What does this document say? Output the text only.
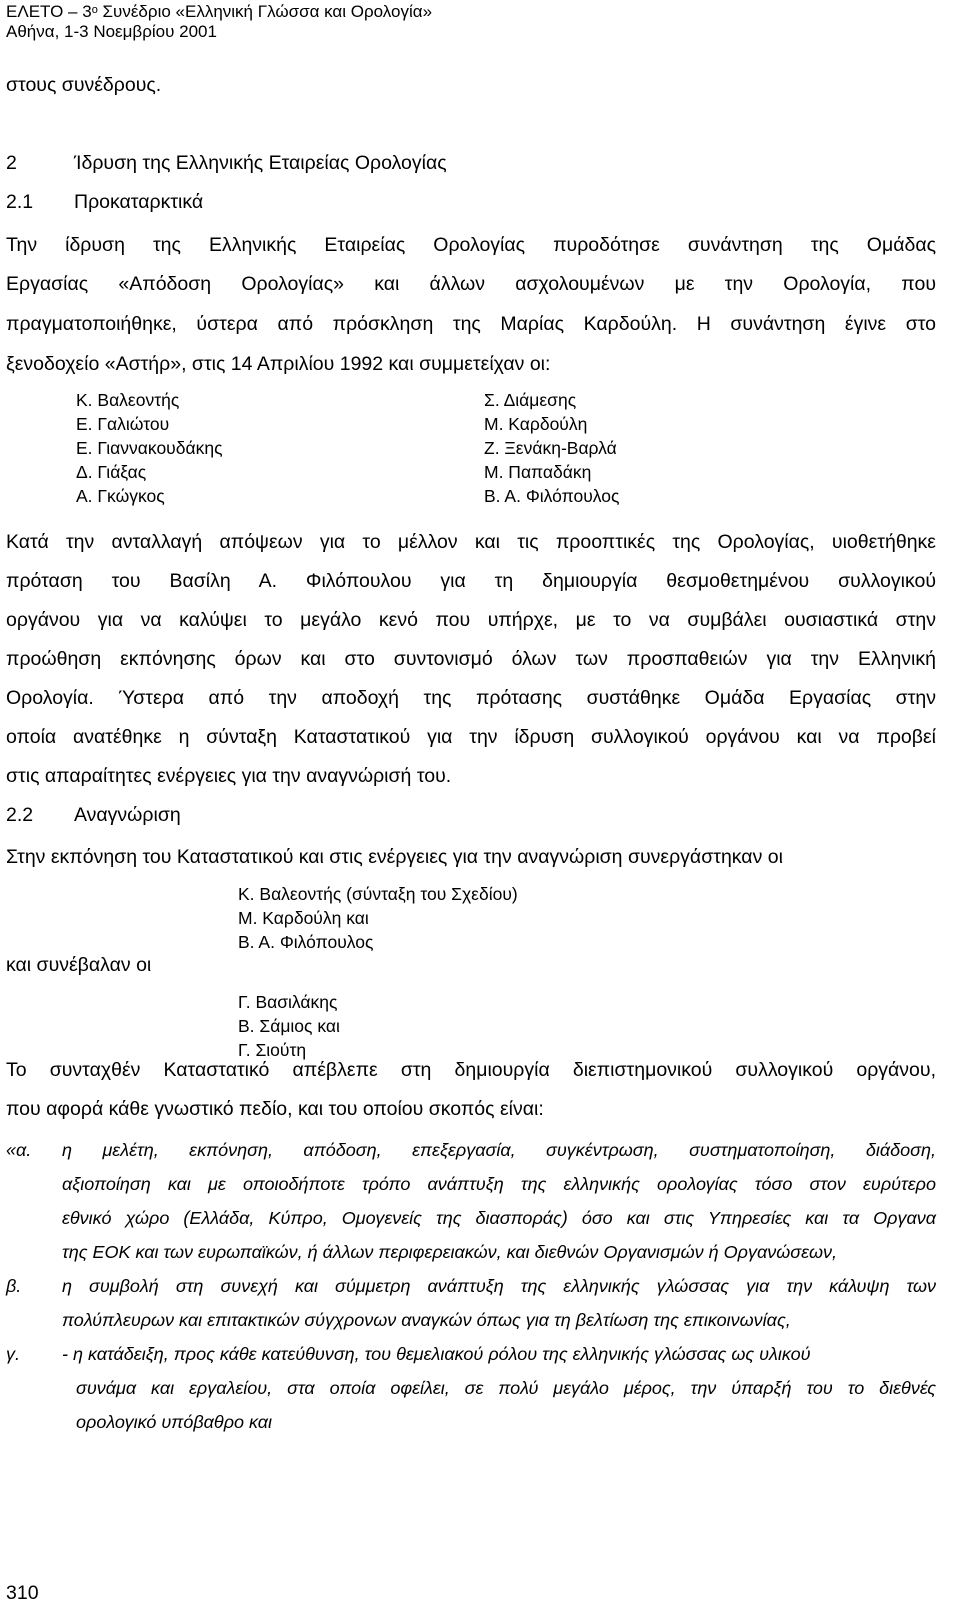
ΕΛΕΤΟ – $3^o$ Συνέδριο «Ελληνική Γλώσσα και Ορολογία»
Αθήνα, 1-3 Νοεμβρίου 2001
στους συνέδρους.
2	Ίδρυση της Ελληνικής Εταιρείας Ορολογίας
2.1 Προκαταρκτικά
Την ίδρυση της Ελληνικής Εταιρείας Ορολογίας πυροδότησε συνάντηση της Ομάδας
Εργασίας «Απόδοση Ορολογίας» και άλλων ασχολουμένων με την Ορολογία, που
πραγματοποιήθηκε, ύστερα από πρόσκληση της Μαρίας Καρδούλη. Η συνάντηση έγινε στο
ξενοδοχείο «Αστήρ», στις 14 Απριλίου 1992 και συμμετείχαν οι:
Κ. Βαλεοντής
Ε. Γαλιώτου
Ε. Γιαννακουδάκης
Δ. Γιάξας
Α. Γκώγκος
Σ. Διάμεσης
Μ. Καρδούλη
Ζ. Ξενάκη-Βαρλά
Μ. Παπαδάκη
Β. Α. Φιλόπουλος
Κατά την ανταλλαγή απόψεων για το μέλλον και τις προοπτικές της Ορολογίας, υιοθετήθηκε
πρόταση του Βασίλη Α. Φιλόπουλου για τη δημιουργία θεσμοθετημένου συλλογικού
οργάνου για να καλύψει το μεγάλο κενό που υπήρχε, με το να συμβάλει ουσιαστικά στην
προώθηση εκπόνησης όρων και στο συντονισμό όλων των προσπαθειών για την Ελληνική
Ορολογία. Ύστερα από την αποδοχή της πρότασης συστάθηκε Ομάδα Εργασίας στην
οποία ανατέθηκε η σύνταξη Καταστατικού για την ίδρυση συλλογικού οργάνου και να προβεί
στις απαραίτητες ενέργειες για την αναγνώρισή του.
2.2 Αναγνώριση
Στην εκπόνηση του Καταστατικού και στις ενέργειες για την αναγνώριση συνεργάστηκαν οι
Κ. Βαλεοντής (σύνταξη του Σχεδίου)
Μ. Καρδούλη και
Β. Α. Φιλόπουλος
και συνέβαλαν οι
Γ. Βασιλάκης
Β. Σάμιος και
Γ. Σιούτη
Το συνταχθέν Καταστατικό απέβλεπε στη δημιουργία διεπιστημονικού συλλογικού οργάνου,
που αφορά κάθε γνωστικό πεδίο, και του οποίου σκοπός είναι:
«α. η μελέτη, εκπόνηση, απόδοση, επεξεργασία, συγκέντρωση, συστηματοποίηση, διάδοση,
αξιοποίηση και με οποιοδήποτε τρόπο ανάπτυξη της ελληνικής ορολογίας τόσο στον ευρύτερο
εθνικό χώρο (Ελλάδα, Κύπρο, Ομογενείς της διασποράς) όσο και στις Υπηρεσίες και τα Οργανα
της ΕΟΚ και των ευρωπαϊκών, ή άλλων περιφερειακών, και διεθνών Οργανισμών ή Οργανώσεων,
β. η συμβολή στη συνεχή και σύμμετρη ανάπτυξη της ελληνικής γλώσσας για την κάλυψη των
πολύπλευρων και επιτακτικών σύγχρονων αναγκών όπως για τη βελτίωση της επικοινωνίας,
γ. - η κατάδειξη, προς κάθε κατεύθυνση, του θεμελιακού ρόλου της ελληνικής γλώσσας ως υλικού
συνάμα και εργαλείου, στα οποία οφείλει, σε πολύ μεγάλο μέρος, την ύπαρξή του το διεθνές
ορολογικό υπόβαθρο και
310
